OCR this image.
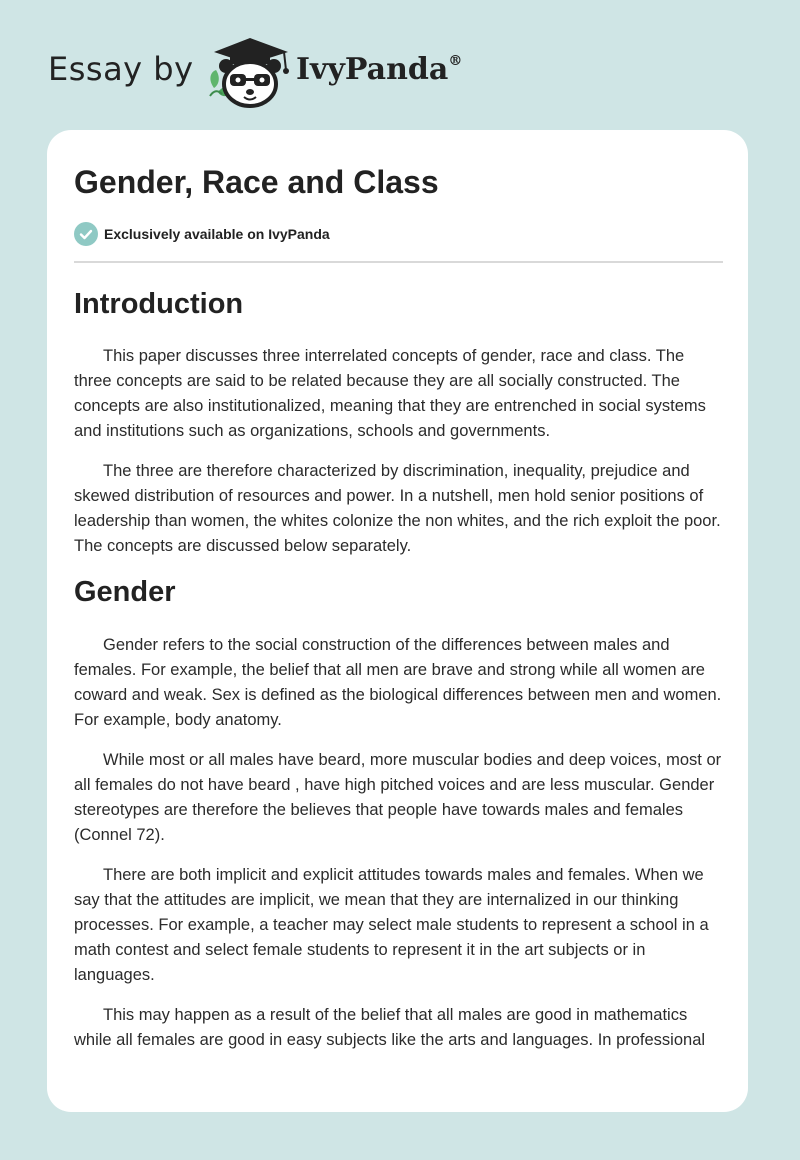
Essay by	IvyPanda®
Gender, Race and Class
Exclusively available on IvyPanda
Introduction

This paper discusses three interrelated concepts of gender, race and class. The three concepts are said to be related because they are all socially constructed. The concepts are also institutionalized, meaning that they are entrenched in social systems and institutions such as organizations, schools and governments.

The three are therefore characterized by discrimination, inequality, prejudice and skewed distribution of resources and power. In a nutshell, men hold senior positions of leadership than women, the whites colonize the non whites, and the rich exploit the poor. The concepts are discussed below separately.

Gender

Gender refers to the social construction of the differences between males and females. For example, the belief that all men are brave and strong while all women are coward and weak. Sex is defined as the biological differences between men and women. For example, body anatomy.

While most or all males have beard, more muscular bodies and deep voices, most or all females do not have beard , have high pitched voices and are less muscular. Gender stereotypes are therefore the believes that people have towards males and females (Connel 72).

There are both implicit and explicit attitudes towards males and females. When we say that the attitudes are implicit, we mean that they are internalized in our thinking processes. For example, a teacher may select male students to represent a school in a math contest and select female students to represent it in the art subjects or in languages.

This may happen as a result of the belief that all males are good in mathematics while all females are good in easy subjects like the arts and languages. In professional
